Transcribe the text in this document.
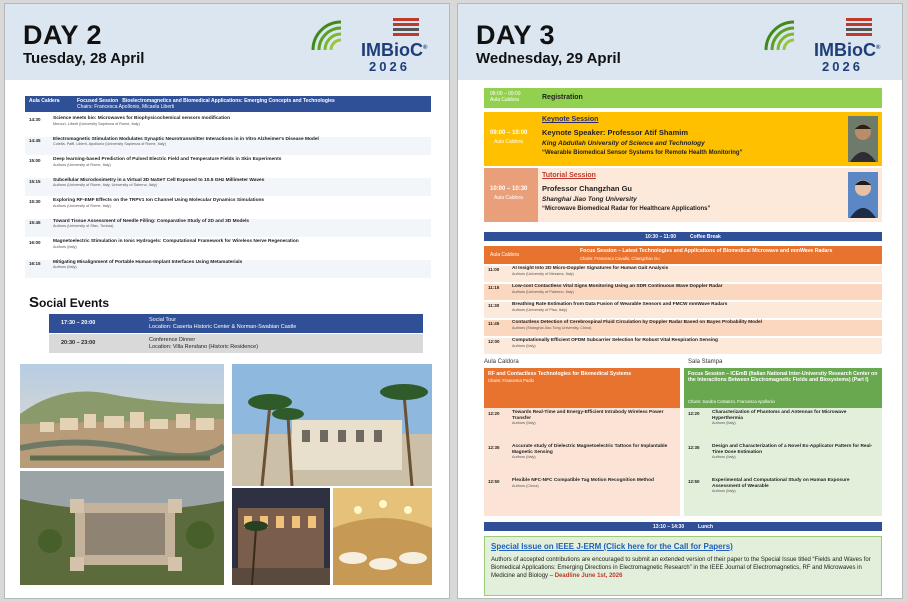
DAY 2
Tuesday, 28 April	IMBioC®
2026
Aula Caldera	Focused Session Bioelectromagnetics and Biomedical Applications: Emerging Concepts and Technologies
Chairs: Francesca Apollonio, Micaela Liberti
14:30	Science meets bio: Microwaves for Biophysicochemical sensors modification
Mercuri, Liberti (University Sapienza of Rome, Italy)
14:45	Electromagnetic Stimulation Modulates Synaptic Neurotransmitter Interactions in in Vitro Alzheimer's Disease Model
Colella, Paffi, Liberti, Apollonio (University Sapienza of Rome, Italy)
15:00	Deep learning-based Prediction of Pulsed Electric Field and Temperature Fields in Skin Experiments
Authors (University of Rome, Italy)
15:15	Subcellular Microdosimetry in a Virtual 3D NaSeT Cell Exposed to 10.5 GHz Millimeter Waves
Authors (University of Rome, Italy; University of Salerno, Italy)
15:30	Exploring RF-EMF Effects on the TRPV1 Ion Channel Using Molecular Dynamics Simulations
Authors (University of Rome, Italy)
15:45	Toward Tissue Assessment of Needle Filling: Comparative Study of 2D and 3D Models
Authors (University of Sfax, Tunisia)
16:00	Magnetoelectric Stimulation in Ionic Hydrogels: Computational Framework for Wireless Nerve Regeneration
Authors (Italy)
16:15	Mitigating Misalignment of Portable Human-Implant Interfaces Using Metamaterials
Authors (Italy)
Social Events
17:30 – 20:00	Social Tour
Location: Caserta Historic Center & Norman-Swabian Castle
20:30 – 23:00	Conference Dinner
Location: Villa Rendano (Historic Residence)
DAY 3
Wednesday, 29 April	IMBioC®
2026
08:00 – 09:00
Aula Caldora	Registration
09:00 – 10:00
Aula Caldora
Keynote Session
Keynote Speaker: Professor Atif Shamim
King Abdullah University of Science and Technology
“Wearable Biomedical Sensor Systems for Remote Health Monitoring”
10:00 – 10:30
Aula Caldora
Tutorial Session
Professor Changzhan Gu
Shanghai Jiao Tong University
“Microwave Biomedical Radar for Healthcare Applications”
10:30 – 11:00	Coffee Break
Aula Caldora
Focus Session – Latest Technologies and Applications of Biomedical Microwave and mmWave Radars
Chairs: Francesco Cavallo, Changzhan Gu
11:00	AI Insight Into 2D Micro-Doppler Signatures for Human Gait Analysis
Authors (University of Messina, Italy)
11:15	Low-cost Contactless Vital Signs Monitoring Using an SDR Continuous Wave Doppler Radar
Authors (University of Palermo, Italy)
11:30	Breathing Rate Estimation from Data Fusion of Wearable Sensors and FMCW mmWave Radars
Authors (University of Pisa, Italy)
11:45	Contactless Detection of Cerebrospinal Fluid Circulation by Doppler Radar Based on Bayes Probability Model
Authors (Shanghai Jiao Tong University, China)
12:00	Computationally Efficient OFDM Subcarrier Selection for Robust Vital Respiration Sensing
Authors (Italy)
Aula Caldora	Sala Stampa
RF and Contactless Technologies for Biomedical Systems
Chairs: Francesco Paolo
12:20	Towards Real-Time and Energy-Efficient Intrabody Wireless Power Transfer
Authors (Italy)
12:35	Accurate study of Dielectric Magnetoelectric Tattoos for Implantable Magnetic Sensing
Authors (Italy)
12:50	Flexible NFC-NFC Compatible Tag Motion Recognition Method
Authors (China)
Focus Session – ICEmB (Italian National Inter-University Research Center on the Interactions Between Electromagnetic Fields and Biosystems) (Part I)
Chairs: Sandra Costanzo, Francesca Apollonio
12:20	Characterization of Phantoms and Antennas for Microwave Hyperthermia
Authors (Italy)
12:35	Design and Characterization of a Novel Ex-Applicator Pattern for Real-Time Dose Estimation
Authors (Italy)
12:50	Experimental and Computational Study on Human Exposure Assessment of Wearable
Authors (Italy)
13:10 – 14:30	Lunch
Special Issue on IEEE J-ERM (Click here for the Call for Papers)
Authors of accepted contributions are encouraged to submit an extended version of their paper to the Special Issue titled “Fields and Waves for Biomedical Applications: Emerging Directions in Electromagnetic Research” in the IEEE Journal of Electromagnetics, RF and Microwaves in Medicine and Biology – Deadline June 1st, 2026
